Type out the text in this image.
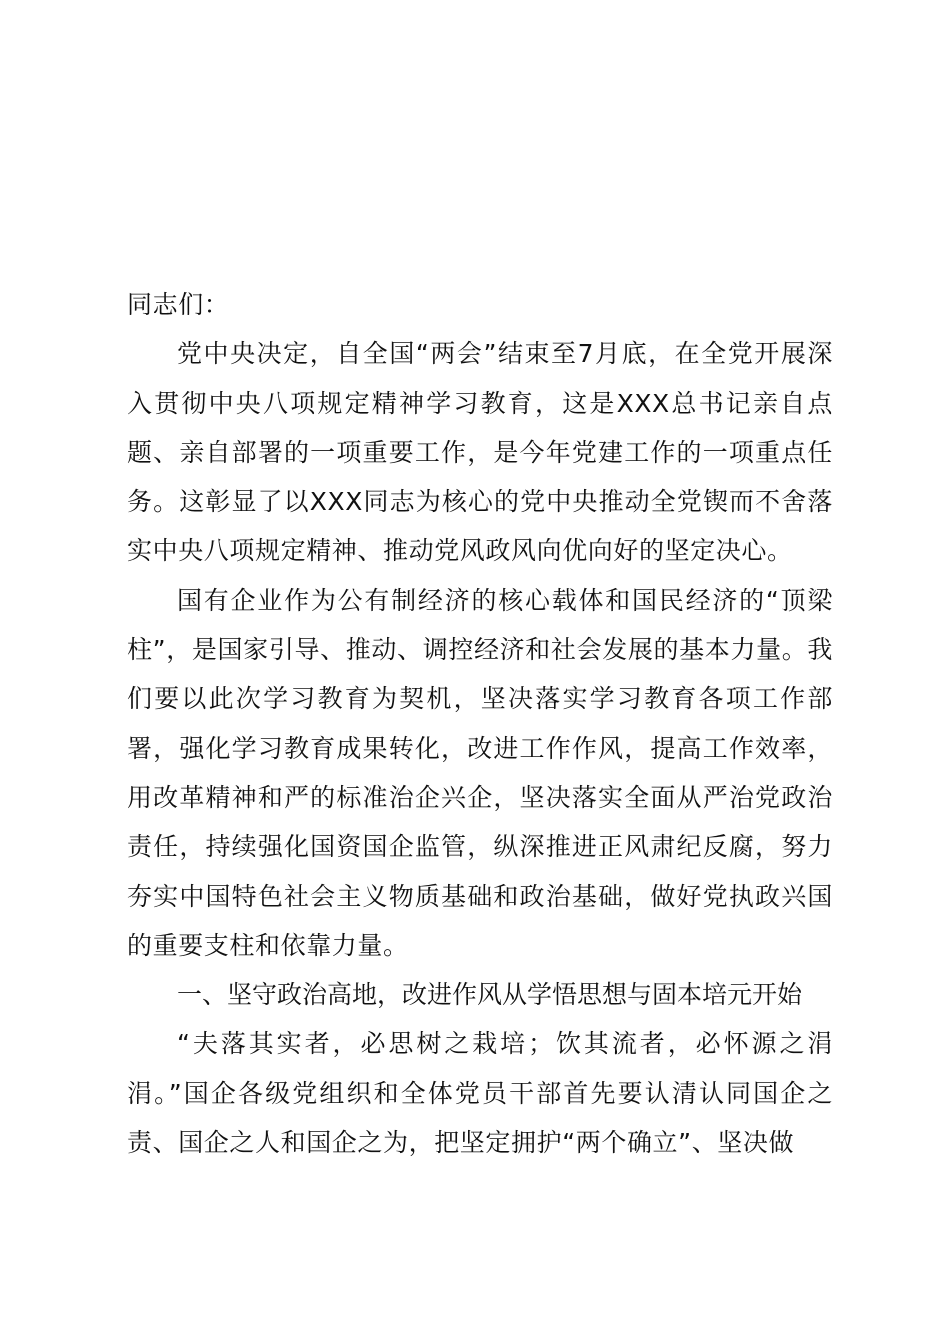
同志们：

党中央决定，自全国“两会”结束至7月底，在全党开展深入贯彻中央八项规定精神学习教育，这是XXX总书记亲自点题、亲自部署的一项重要工作，是今年党建工作的一项重点任务。这彰显了以XXX同志为核心的党中央推动全党锲而不舍落实中央八项规定精神、推动党风政风向优向好的坚定决心。

国有企业作为公有制经济的核心载体和国民经济的“顶梁柱”，是国家引导、推动、调控经济和社会发展的基本力量。我们要以此次学习教育为契机，坚决落实学习教育各项工作部署，强化学习教育成果转化，改进工作作风，提高工作效率，用改革精神和严的标准治企兴企，坚决落实全面从严治党政治责任，持续强化国资国企监管，纵深推进正风肃纪反腐，努力夯实中国特色社会主义物质基础和政治基础，做好党执政兴国的重要支柱和依靠力量。

一、坚守政治高地，改进作风从学悟思想与固本培元开始

“夫落其实者，必思树之栽培；饮其流者，必怀源之涓涓。”国企各级党组织和全体党员干部首先要认清认同国企之责、国企之人和国企之为，把坚定拥护“两个确立”、坚决做
